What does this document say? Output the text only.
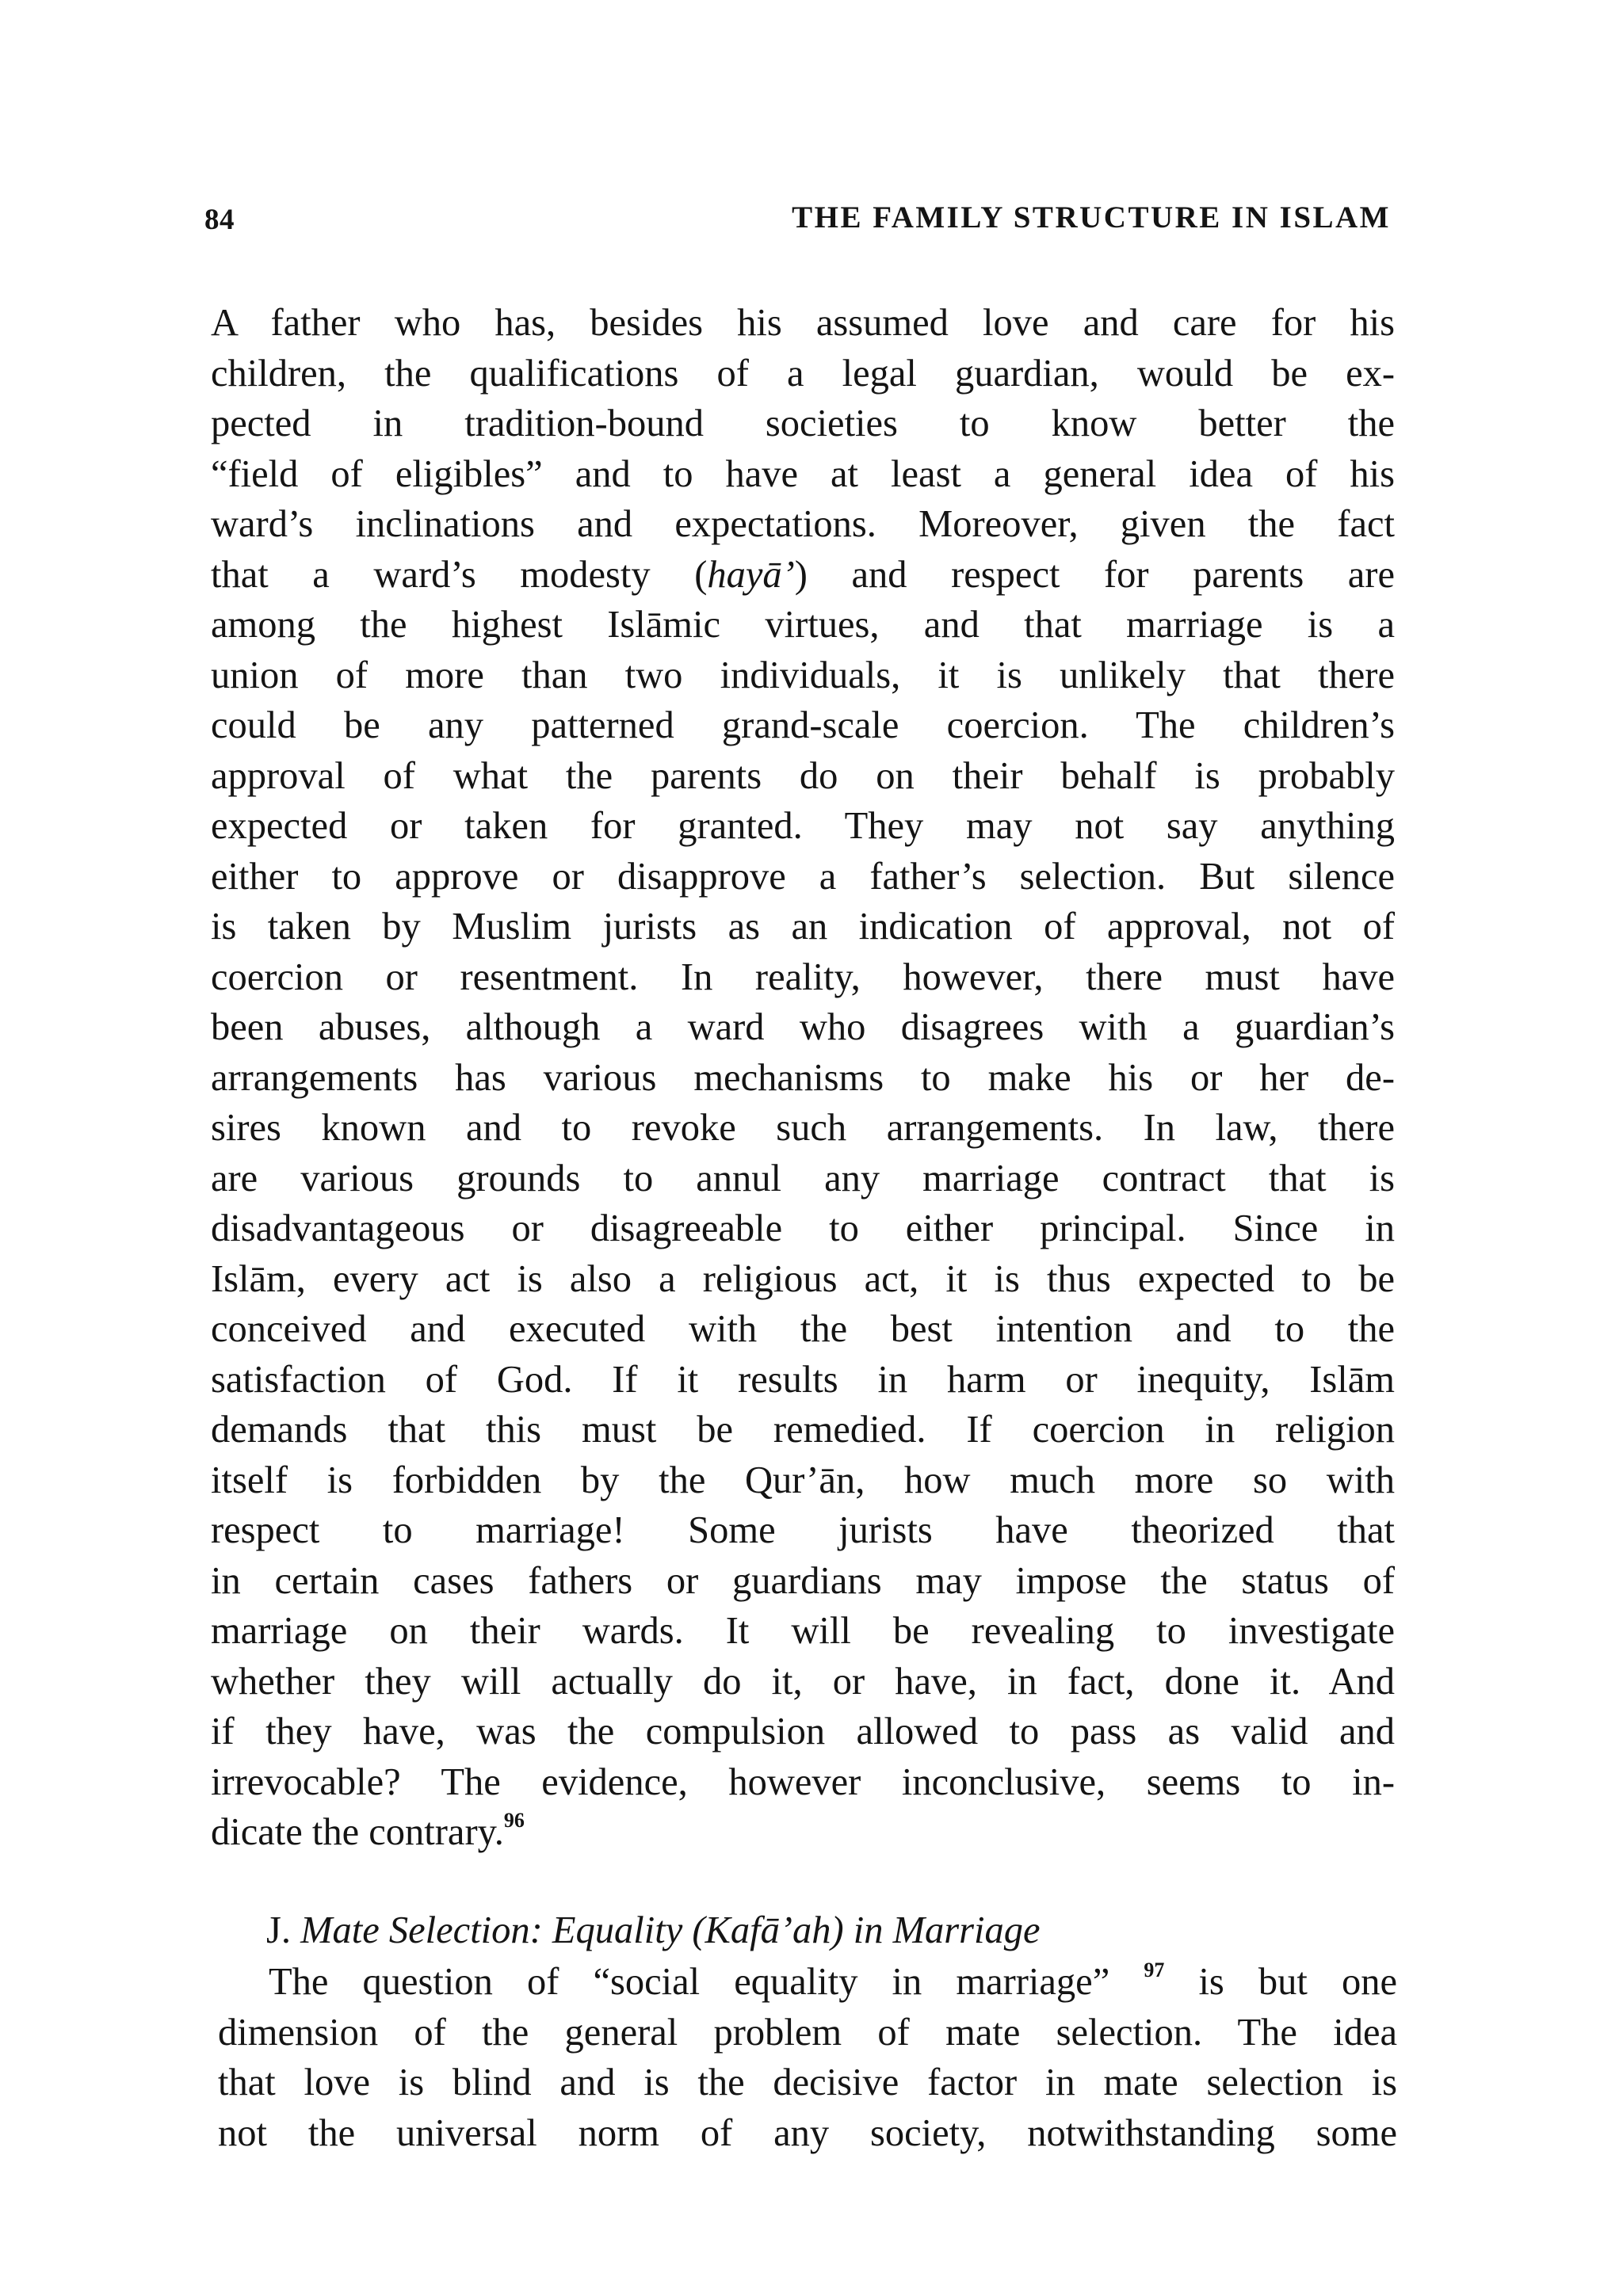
84	THE FAMILY STRUCTURE IN ISLAM
A father who has, besides his assumed love and care for his
children, the qualifications of a legal guardian, would be ex-
pected in tradition-bound societies to know better the
“field of eligibles” and to have at least a general idea of his
ward’s inclinations and expectations. Moreover, given the fact
that a ward’s modesty (hayā’) and respect for parents are
among the highest Islāmic virtues, and that marriage is a
union of more than two individuals, it is unlikely that there
could be any patterned grand-scale coercion. The children’s
approval of what the parents do on their behalf is probably
expected or taken for granted. They may not say anything
either to approve or disapprove a father’s selection. But silence
is taken by Muslim jurists as an indication of approval, not of
coercion or resentment. In reality, however, there must have
been abuses, although a ward who disagrees with a guardian’s
arrangements has various mechanisms to make his or her de-
sires known and to revoke such arrangements. In law, there
are various grounds to annul any marriage contract that is
disadvantageous or disagreeable to either principal. Since in
Islām, every act is also a religious act, it is thus expected to be
conceived and executed with the best intention and to the
satisfaction of God. If it results in harm or inequity, Islām
demands that this must be remedied. If coercion in religion
itself is forbidden by the Qur’ān, how much more so with
respect to marriage! Some jurists have theorized that
in certain cases fathers or guardians may impose the status of
marriage on their wards. It will be revealing to investigate
whether they will actually do it, or have, in fact, done it. And
if they have, was the compulsion allowed to pass as valid and
irrevocable? The evidence, however inconclusive, seems to in-
dicate the contrary.$^{96}$
J. Mate Selection: Equality (Kafā’ah) in Marriage
The question of “social equality in marriage” $^{97}$ is but one
dimension of the general problem of mate selection. The idea
that love is blind and is the decisive factor in mate selection is
not the universal norm of any society, notwithstanding some
